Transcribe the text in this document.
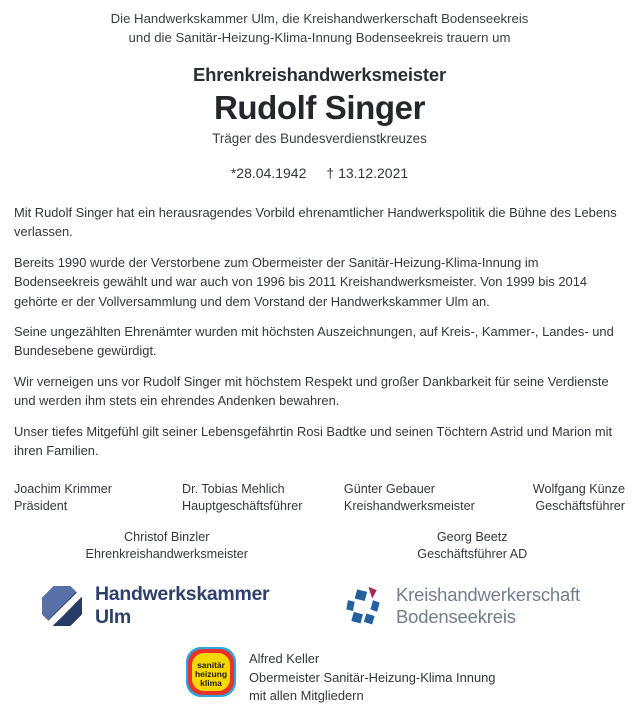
Die Handwerkskammer Ulm, die Kreishandwerkerschaft Bodenseekreis
und die Sanitär-Heizung-Klima-Innung Bodenseekreis trauern um
Ehrenkreishandwerksmeister
Rudolf Singer
Träger des Bundesverdienstkreuzes
*28.04.1942 † 13.12.2021

Mit Rudolf Singer hat ein herausragendes Vorbild ehrenamtlicher Handwerkspolitik die Bühne des Lebens verlassen.

Bereits 1990 wurde der Verstorbene zum Obermeister der Sanitär-Heizung-Klima-Innung im Bodenseekreis gewählt und war auch von 1996 bis 2011 Kreishandwerksmeister. Von 1999 bis 2014 gehörte er der Vollversammlung und dem Vorstand der Handwerkskammer Ulm an.

Seine ungezählten Ehrenämter wurden mit höchsten Auszeichnungen, auf Kreis-, Kammer-, Landes- und Bundesebene gewürdigt.

Wir verneigen uns vor Rudolf Singer mit höchstem Respekt und großer Dankbarkeit für seine Verdienste und werden ihm stets ein ehrendes Andenken bewahren.

Unser tiefes Mitgefühl gilt seiner Lebensgefährtin Rosi Badtke und seinen Töchtern Astrid und Marion mit ihren Familien.

Joachim Krimmer
Präsident
Dr. Tobias Mehlich
Hauptgeschäftsführer
Günter Gebauer
Kreishandwerksmeister
Wolfgang Künze
Geschäftsführer
Christof Binzler
Ehrenkreishandwerksmeister
Georg Beetz
Geschäftsführer AD
Handwerkskammer
Ulm
Kreishandwerkerschaft
Bodenseekreis
sanitär
heizung
klima
Alfred Keller
Obermeister Sanitär-Heizung-Klima Innung
mit allen Mitgliedern
